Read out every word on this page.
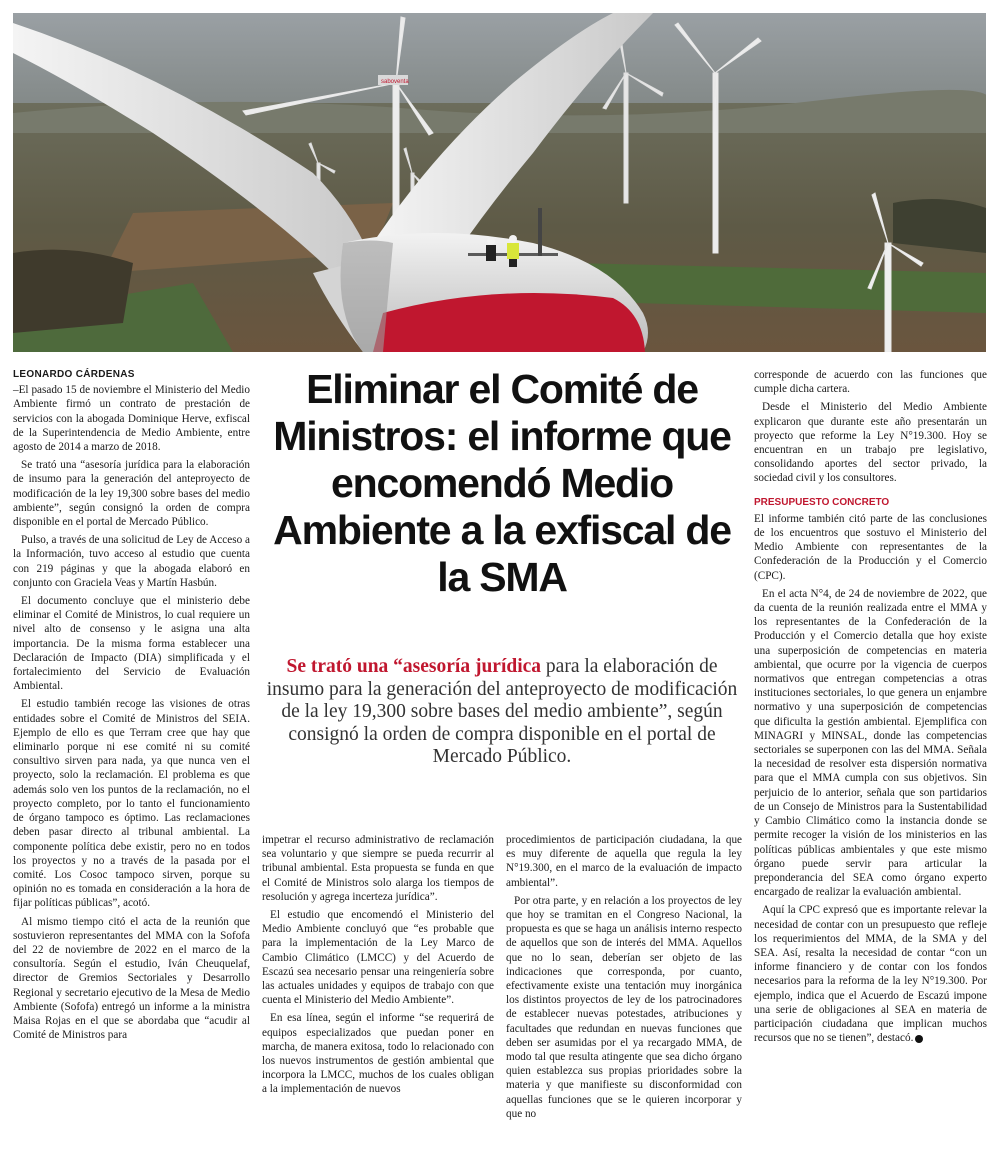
saboventa
LEONARDO CÁRDENAS

–El pasado 15 de noviembre el Ministerio del Medio Ambiente firmó un contrato de prestación de servicios con la abogada Dominique Herve, exfiscal de la Superintendencia de Medio Ambiente, entre agosto de 2014 a marzo de 2018.

Se trató una “asesoría jurídica para la elaboración de insumo para la generación del anteproyecto de modificación de la ley 19,300 sobre bases del medio ambiente”, según consignó la orden de compra disponible en el portal de Mercado Público.

Pulso, a través de una solicitud de Ley de Acceso a la Información, tuvo acceso al estudio que cuenta con 219 páginas y que la abogada elaboró en conjunto con Graciela Veas y Martín Hasbún.

El documento concluye que el ministerio debe eliminar el Comité de Ministros, lo cual requiere un nivel alto de consenso y le asigna una alta importancia. De la misma forma establecer una Declaración de Impacto (DIA) simplificada y el fortalecimiento del Servicio de Evaluación Ambiental.

El estudio también recoge las visiones de otras entidades sobre el Comité de Ministros del SEIA. Ejemplo de ello es que Terram cree que hay que eliminarlo porque ni ese comité ni su comité consultivo sirven para nada, ya que nunca ven el proyecto, solo la reclamación. El problema es que además solo ven los puntos de la reclamación, no el proyecto completo, por lo tanto el funcionamiento de órgano tampoco es óptimo. Las reclamaciones deben pasar directo al tribunal ambiental. La componente política debe existir, pero no en todos los proyectos y no a través de la pasada por el comité. Los Cosoc tampoco sirven, porque su opinión no es tomada en consideración a la hora de fijar políticas públicas”, acotó.

Al mismo tiempo citó el acta de la reunión que sostuvieron representantes del MMA con la Sofofa del 22 de noviembre de 2022 en el marco de la consultoría. Según el estudio, Iván Cheuquelaf, director de Gremios Sectoriales y Desarrollo Regional y secretario ejecutivo de la Mesa de Medio Ambiente (Sofofa) entregó un informe a la ministra Maisa Rojas en el que se abordaba que “acudir al Comité de Ministros para

Eliminar el Comité de Ministros: el informe que encomendó Medio Ambiente a la exfiscal de la SMA

Se trató una “asesoría jurídica para la elaboración de insumo para la generación del anteproyecto de modificación de la ley 19,300 sobre bases del medio ambiente”, según consignó la orden de compra disponible en el portal de Mercado Público.

impetrar el recurso administrativo de reclamación sea voluntario y que siempre se pueda recurrir al tribunal ambiental. Esta propuesta se funda en que el Comité de Ministros solo alarga los tiempos de resolución y agrega incerteza jurídica”.

El estudio que encomendó el Ministerio del Medio Ambiente concluyó que “es probable que para la implementación de la Ley Marco de Cambio Climático (LMCC) y del Acuerdo de Escazú sea necesario pensar una reingeniería sobre las actuales unidades y equipos de trabajo con que cuenta el Ministerio del Medio Ambiente”.

En esa línea, según el informe “se requerirá de equipos especializados que puedan poner en marcha, de manera exitosa, todo lo relacionado con los nuevos instrumentos de gestión ambiental que incorpora la LMCC, muchos de los cuales obligan a la implementación de nuevos

procedimientos de participación ciudadana, la que es muy diferente de aquella que regula la ley N°19.300, en el marco de la evaluación de impacto ambiental”.

Por otra parte, y en relación a los proyectos de ley que hoy se tramitan en el Congreso Nacional, la propuesta es que se haga un análisis interno respecto de aquellos que son de interés del MMA. Aquellos que no lo sean, deberían ser objeto de las indicaciones que corresponda, por cuanto, efectivamente existe una tentación muy inorgánica los distintos proyectos de ley de los patrocinadores de establecer nuevas potestades, atribuciones y facultades que redundan en nuevas funciones que deben ser asumidas por el ya recargado MMA, de modo tal que resulta atingente que sea dicho órgano quien establezca sus propias prioridades sobre la materia y que manifieste su disconformidad con aquellas funciones que se le quieren incorporar y que no

corresponde de acuerdo con las funciones que cumple dicha cartera.

Desde el Ministerio del Medio Ambiente explicaron que durante este año presentarán un proyecto que reforme la Ley N°19.300. Hoy se encuentran en un trabajo pre legislativo, consolidando aportes del sector privado, la sociedad civil y los consultores.

PRESUPUESTO CONCRETO

El informe también citó parte de las conclusiones de los encuentros que sostuvo el Ministerio del Medio Ambiente con representantes de la Confederación de la Producción y el Comercio (CPC).

En el acta N°4, de 24 de noviembre de 2022, que da cuenta de la reunión realizada entre el MMA y los representantes de la Confederación de la Producción y el Comercio detalla que hoy existe una superposición de competencias en materia ambiental, que ocurre por la vigencia de cuerpos normativos que entregan competencias a otras instituciones sectoriales, lo que genera un enjambre normativo y una superposición de competencias que dificulta la gestión ambiental. Ejemplifica con MINAGRI y MINSAL, donde las competencias sectoriales se superponen con las del MMA. Señala la necesidad de resolver esta dispersión normativa para que el MMA cumpla con sus objetivos. Sin perjuicio de lo anterior, señala que son partidarios de un Consejo de Ministros para la Sustentabilidad y Cambio Climático como la instancia donde se permite recoger la visión de los ministerios en las políticas públicas ambientales y que este mismo órgano puede servir para articular la preponderancia del SEA como órgano experto encargado de realizar la evaluación ambiental.

Aquí la CPC expresó que es importante relevar la necesidad de contar con un presupuesto que refleje los requerimientos del MMA, de la SMA y del SEA. Así, resalta la necesidad de contar “con un informe financiero y de contar con los fondos necesarios para la reforma de la ley N°19.300. Por ejemplo, indica que el Acuerdo de Escazú impone una serie de obligaciones al SEA en materia de participación ciudadana que implican muchos recursos que no se tienen”, destacó.
